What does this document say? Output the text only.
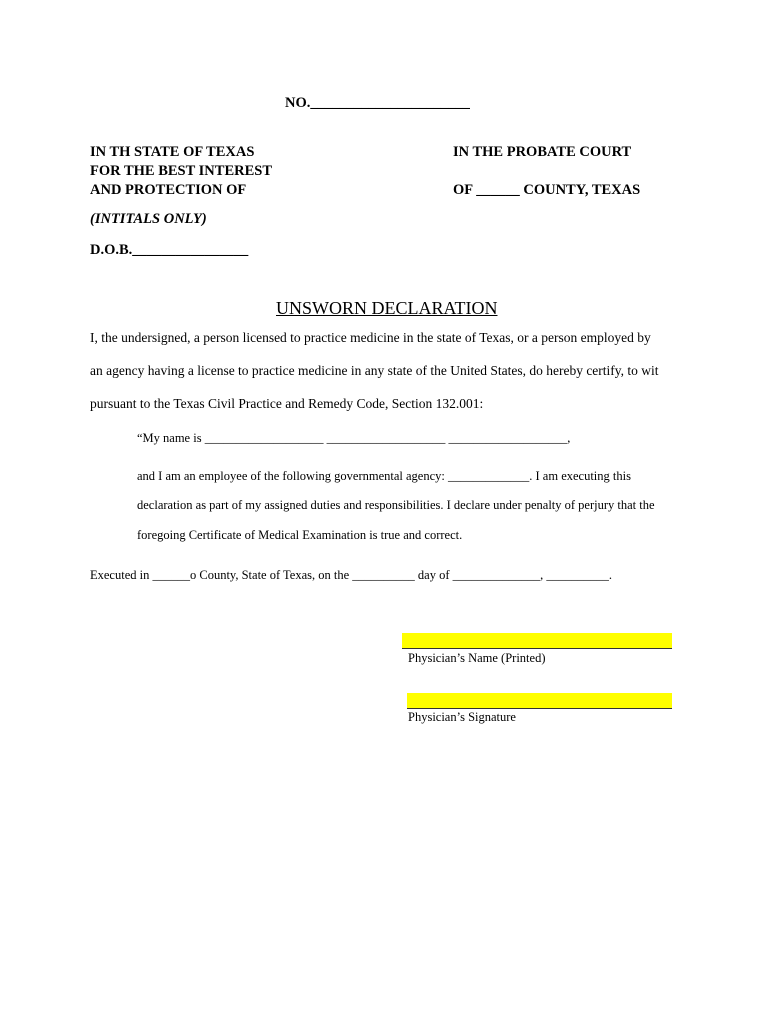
NO.______________________
IN TH STATE OF TEXAS
FOR THE BEST INTEREST
AND PROTECTION OF
(INTITALS ONLY)
D.O.B.________________
IN THE PROBATE COURT
OF ______ COUNTY, TEXAS
UNSWORN DECLARATION
I, the undersigned, a person licensed to practice medicine in the state of Texas, or a person employed by
an agency having a license to practice medicine in any state of the United States, do hereby certify, to wit
pursuant to the Texas Civil Practice and Remedy Code, Section 132.001:
“My name is ___________________ ___________________ ___________________,
and I am an employee of the following governmental agency: _____________. I am executing this
declaration as part of my assigned duties and responsibilities. I declare under penalty of perjury that the
foregoing Certificate of Medical Examination is true and correct.
Executed in ______o County, State of Texas, on the __________ day of ______________, __________.
Physician’s Name (Printed)
Physician’s Signature
